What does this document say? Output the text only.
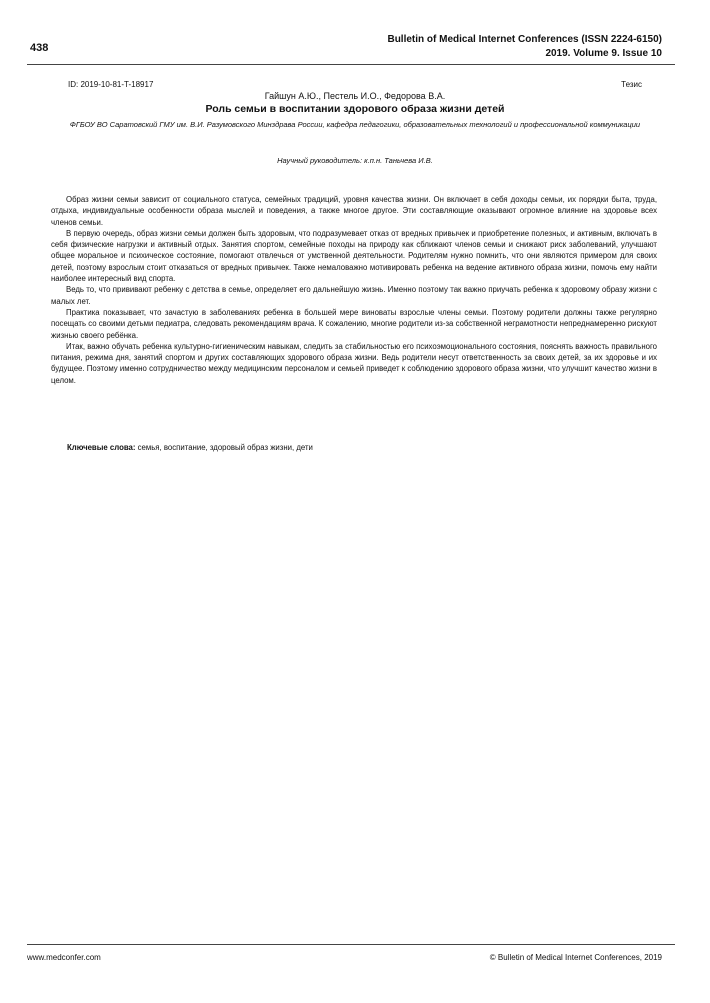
438
Bulletin of Medical Internet Conferences (ISSN 2224-6150)
2019. Volume 9. Issue 10
ID: 2019-10-81-T-18917	Тезис
Гайшун А.Ю., Пестель И.О., Федорова В.А.
Роль семьи в воспитании здорового образа жизни детей
ФГБОУ ВО Саратовский ГМУ им. В.И. Разумовского Минздрава России, кафедра педагогики, образовательных технологий и профессиональной коммуникации
Научный руководитель: к.п.н. Таньчева И.В.

Образ жизни семьи зависит от социального статуса, семейных традиций, уровня качества жизни. Он включает в себя доходы семьи, их порядки быта, труда, отдыха, индивидуальные особенности образа мыслей и поведения, а также многое другое. Эти составляющие оказывают огромное влияние на здоровье всех членов семьи.

В первую очередь, образ жизни семьи должен быть здоровым, что подразумевает отказ от вредных привычек и приобретение полезных, и активным, включать в себя физические нагрузки и активный отдых. Занятия спортом, семейные походы на природу как сближают членов семьи и снижают риск заболеваний, улучшают общее моральное и психическое состояние, помогают отвлечься от умственной деятельности. Родителям нужно помнить, что они являются примером для своих детей, поэтому взрослым стоит отказаться от вредных привычек. Также немаловажно мотивировать ребенка на ведение активного образа жизни, помочь ему найти наиболее интересный вид спорта.

Ведь то, что прививают ребенку с детства в семье, определяет его дальнейшую жизнь. Именно поэтому так важно приучать ребенка к здоровому образу жизни с малых лет.

Практика показывает, что зачастую в заболеваниях ребенка в большей мере виноваты взрослые члены семьи. Поэтому родители должны также регулярно посещать со своими детьми педиатра, следовать рекомендациям врача. К сожалению, многие родители из-за собственной неграмотности непреднамеренно рискуют жизнью своего ребёнка.

Итак, важно обучать ребенка культурно-гигиеническим навыкам, следить за стабильностью его психоэмоционального состояния, пояснять важность правильного питания, режима дня, занятий спортом и других составляющих здорового образа жизни. Ведь родители несут ответственность за своих детей, за их здоровье и их будущее. Поэтому именно сотрудничество между медицинским персоналом и семьей приведет к соблюдению здорового образа жизни, что улучшит качество жизни в целом.

Ключевые слова: семья, воспитание, здоровый образ жизни, дети
www.medconfer.com	© Bulletin of Medical Internet Conferences, 2019
